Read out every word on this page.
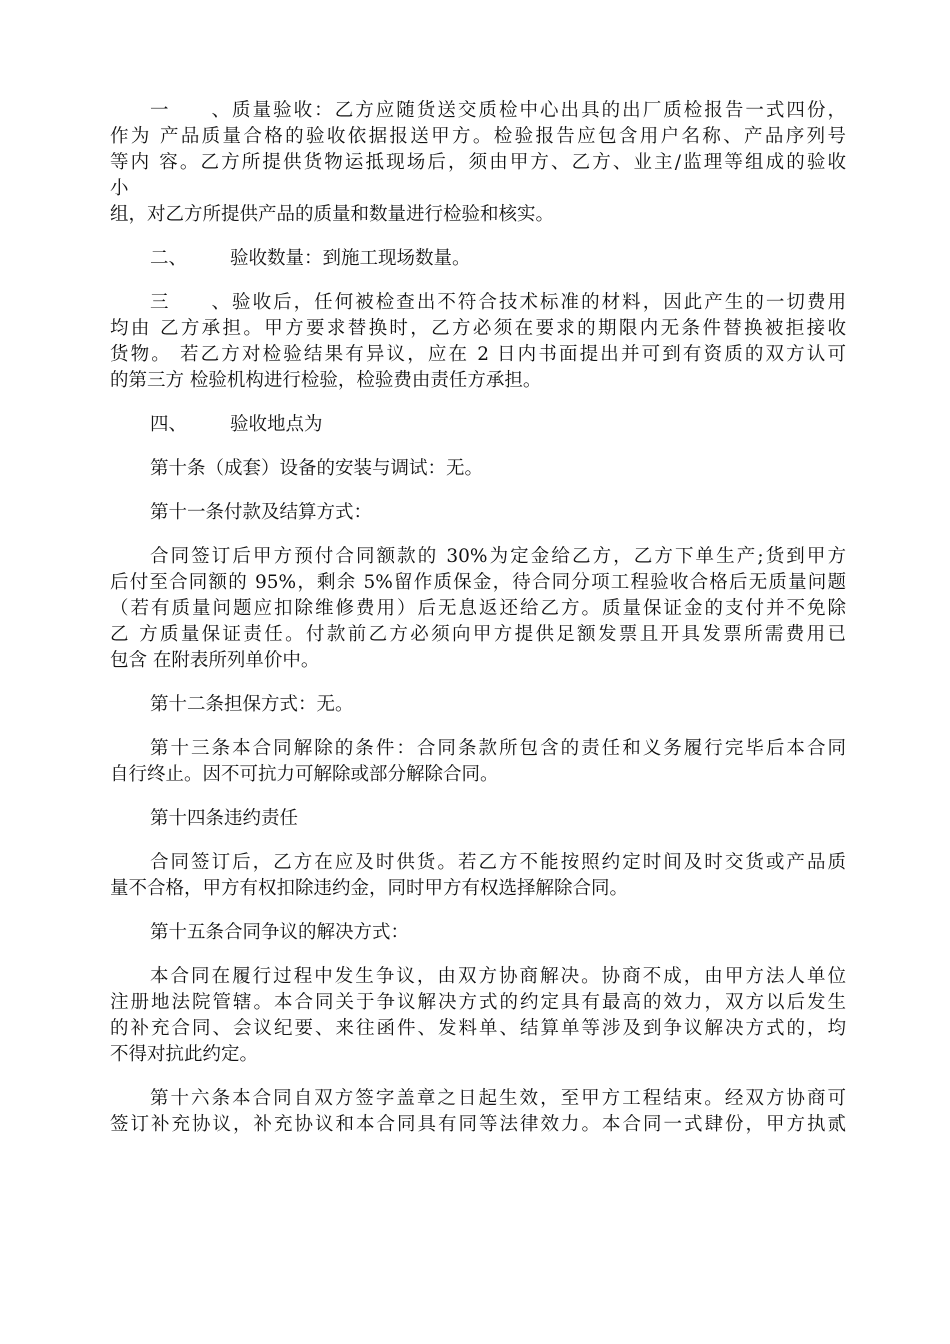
一、质量验收：乙方应随货送交质检中心出具的出厂质检报告一式四份，
作为 产品质量合格的验收依据报送甲方。检验报告应包含用户名称、产品序列号
等内 容。乙方所提供货物运抵现场后，须由甲方、乙方、业主/监理等组成的验收
小
组，对乙方所提供产品的质量和数量进行检验和核实。
二、 验收数量：到施工现场数量。
三、验收后，任何被检查出不符合技术标准的材料，因此产生的一切费用
均由 乙方承担。甲方要求替换时，乙方必须在要求的期限内无条件替换被拒接收
货物。 若乙方对检验结果有异议，应在 2 日内书面提出并可到有资质的双方认可
的第三方 检验机构进行检验，检验费由责任方承担。
四、 验收地点为
第十条（成套）设备的安装与调试：无。
第十一条付款及结算方式：
合同签订后甲方预付合同额款的 30%为定金给乙方，乙方下单生产;货到甲方
后付至合同额的 95%，剩余 5%留作质保金，待合同分项工程验收合格后无质量问题
（若有质量问题应扣除维修费用）后无息返还给乙方。质量保证金的支付并不免除
乙 方质量保证责任。付款前乙方必须向甲方提供足额发票且开具发票所需费用已
包含 在附表所列单价中。
第十二条担保方式：无。
第十三条本合同解除的条件：合同条款所包含的责任和义务履行完毕后本合同
自行终止。因不可抗力可解除或部分解除合同。
第十四条违约责任
合同签订后，乙方在应及时供货。若乙方不能按照约定时间及时交货或产品质
量不合格，甲方有权扣除违约金，同时甲方有权选择解除合同。
第十五条合同争议的解决方式：
本合同在履行过程中发生争议，由双方协商解决。协商不成，由甲方法人单位
注册地法院管辖。本合同关于争议解决方式的约定具有最高的效力，双方以后发生
的补充合同、会议纪要、来往函件、发料单、结算单等涉及到争议解决方式的，均
不得对抗此约定。
第十六条本合同自双方签字盖章之日起生效，至甲方工程结束。经双方协商可
签订补充协议，补充协议和本合同具有同等法律效力。本合同一式肆份，甲方执贰
